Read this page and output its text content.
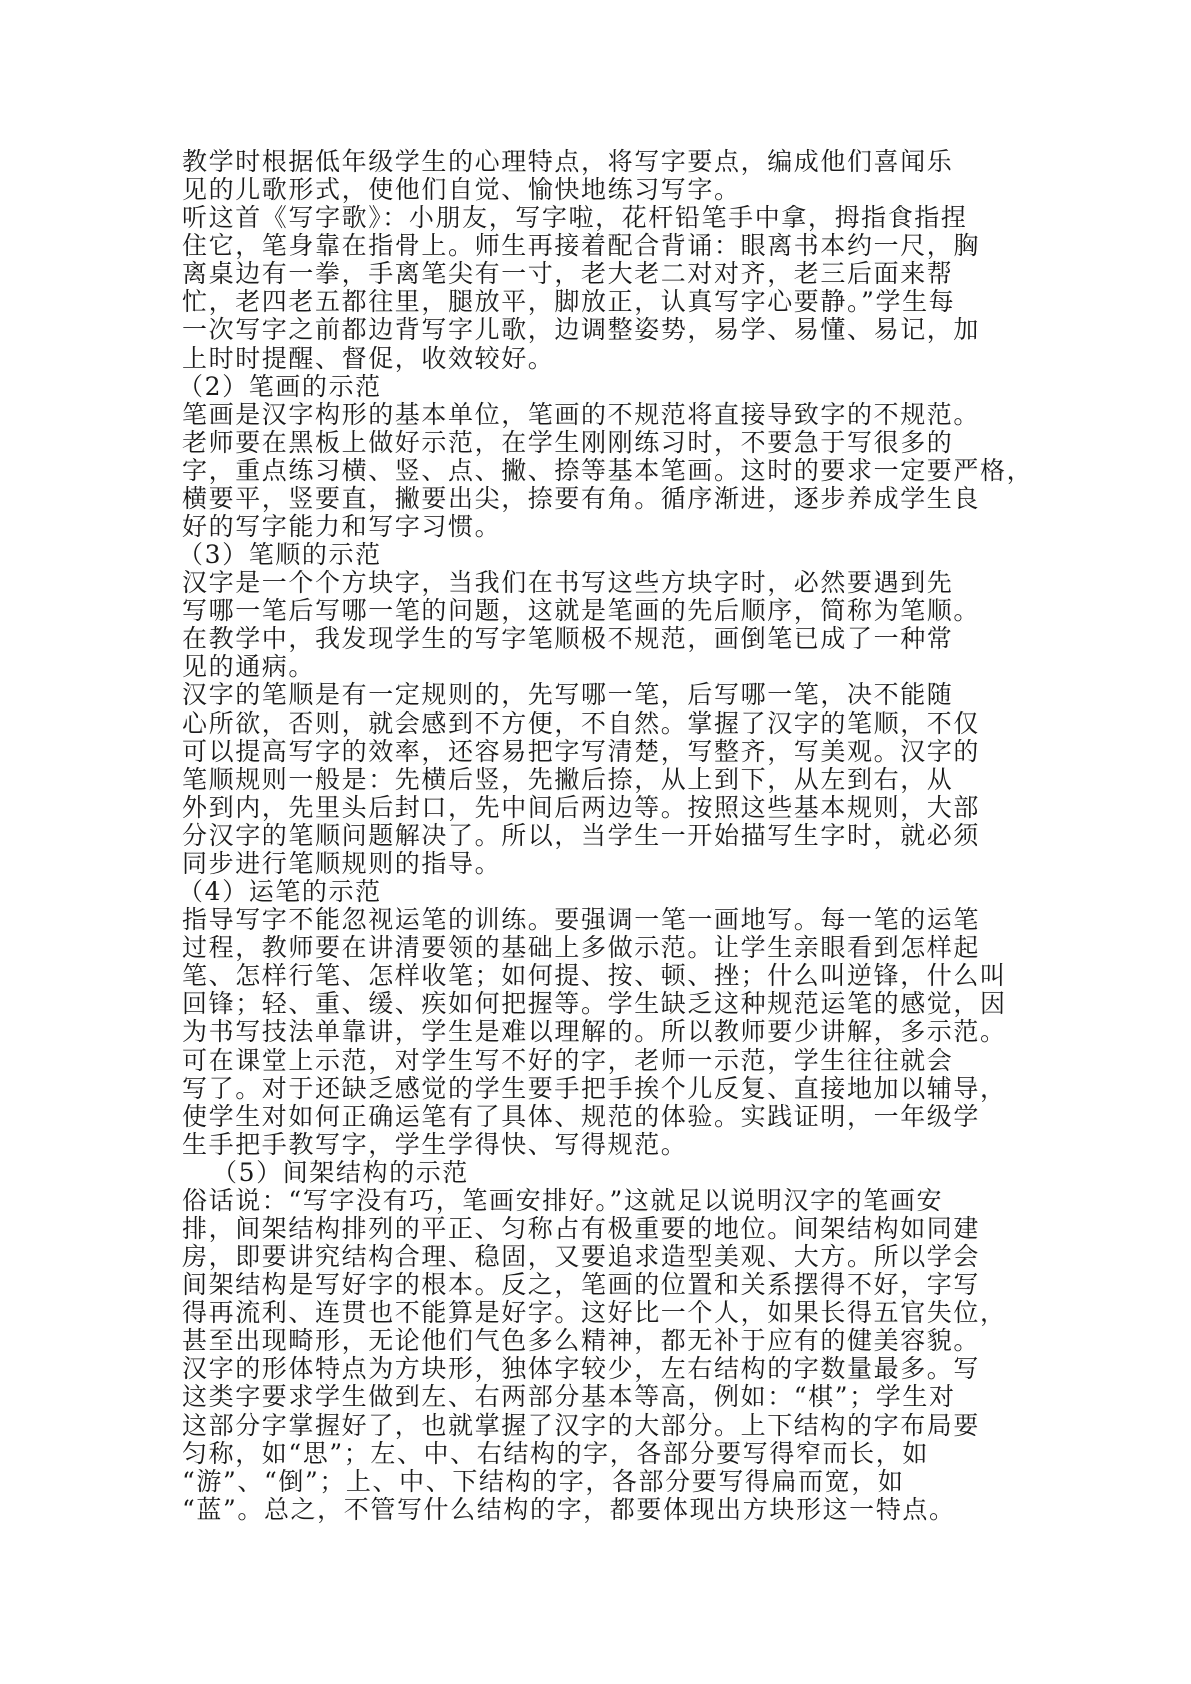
教学时根据低年级学生的心理特点，将写字要点，编成他们喜闻乐
见的儿歌形式，使他们自觉、愉快地练习写字。
听这首《写字歌》：小朋友，写字啦，花杆铅笔手中拿，拇指食指捏
住它，笔身靠在指骨上。师生再接着配合背诵：眼离书本约一尺，胸
离桌边有一拳，手离笔尖有一寸，老大老二对对齐，老三后面来帮
忙，老四老五都往里，腿放平，脚放正，认真写字心要静。”学生每
一次写字之前都边背写字儿歌，边调整姿势，易学、易懂、易记，加
上时时提醒、督促，收效较好。
（2）笔画的示范
笔画是汉字构形的基本单位，笔画的不规范将直接导致字的不规范。
老师要在黑板上做好示范，在学生刚刚练习时，不要急于写很多的
字，重点练习横、竖、点、撇、捺等基本笔画。这时的要求一定要严格，
横要平，竖要直，撇要出尖，捺要有角。循序渐进，逐步养成学生良
好的写字能力和写字习惯。
（3）笔顺的示范
汉字是一个个方块字，当我们在书写这些方块字时，必然要遇到先
写哪一笔后写哪一笔的问题，这就是笔画的先后顺序，简称为笔顺。
在教学中，我发现学生的写字笔顺极不规范，画倒笔已成了一种常
见的通病。
汉字的笔顺是有一定规则的，先写哪一笔，后写哪一笔，决不能随
心所欲，否则，就会感到不方便，不自然。掌握了汉字的笔顺，不仅
可以提高写字的效率，还容易把字写清楚，写整齐，写美观。汉字的
笔顺规则一般是：先横后竖，先撇后捺，从上到下，从左到右，从
外到内，先里头后封口，先中间后两边等。按照这些基本规则，大部
分汉字的笔顺问题解决了。所以，当学生一开始描写生字时，就必须
同步进行笔顺规则的指导。
（4）运笔的示范
指导写字不能忽视运笔的训练。要强调一笔一画地写。每一笔的运笔
过程，教师要在讲清要领的基础上多做示范。让学生亲眼看到怎样起
笔、怎样行笔、怎样收笔；如何提、按、顿、挫；什么叫逆锋，什么叫
回锋；轻、重、缓、疾如何把握等。学生缺乏这种规范运笔的感觉，因
为书写技法单靠讲，学生是难以理解的。所以教师要少讲解，多示范。
可在课堂上示范，对学生写不好的字，老师一示范，学生往往就会
写了。对于还缺乏感觉的学生要手把手挨个儿反复、直接地加以辅导，
使学生对如何正确运笔有了具体、规范的体验。实践证明，一年级学
生手把手教写字，学生学得快、写得规范。
（5）间架结构的示范
俗话说：“写字没有巧，笔画安排好。”这就足以说明汉字的笔画安
排，间架结构排列的平正、匀称占有极重要的地位。间架结构如同建
房，即要讲究结构合理、稳固，又要追求造型美观、大方。所以学会
间架结构是写好字的根本。反之，笔画的位置和关系摆得不好，字写
得再流利、连贯也不能算是好字。这好比一个人，如果长得五官失位，
甚至出现畸形，无论他们气色多么精神，都无补于应有的健美容貌。
汉字的形体特点为方块形，独体字较少，左右结构的字数量最多。写
这类字要求学生做到左、右两部分基本等高，例如：“棋”；学生对
这部分字掌握好了，也就掌握了汉字的大部分。上下结构的字布局要
匀称，如“思”；左、中、右结构的字，各部分要写得窄而长，如
“游”、“倒”；上、中、下结构的字，各部分要写得扁而宽，如
“蓝”。总之，不管写什么结构的字，都要体现出方块形这一特点。
